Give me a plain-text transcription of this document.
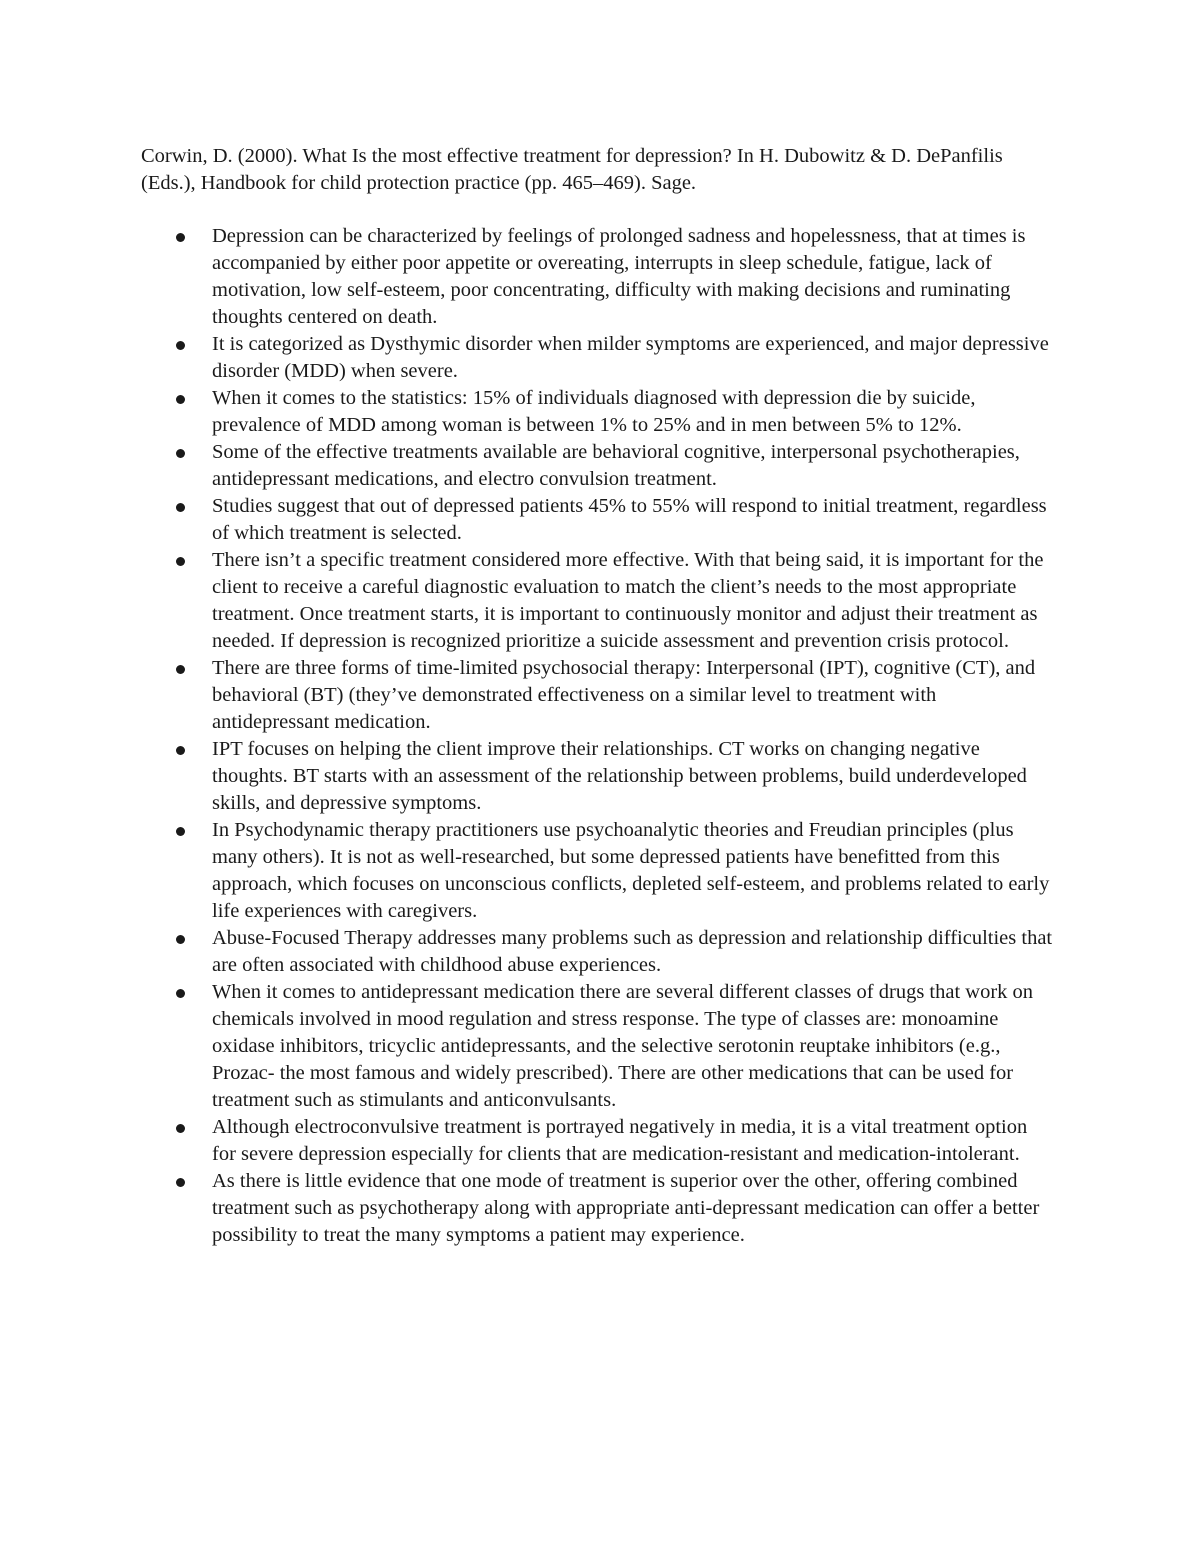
Corwin, D. (2000). What Is the most effective treatment for depression? In H. Dubowitz & D. DePanfilis (Eds.), Handbook for child protection practice (pp. 465–469). Sage.

Depression can be characterized by feelings of prolonged sadness and hopelessness, that at times is accompanied by either poor appetite or overeating, interrupts in sleep schedule, fatigue, lack of motivation, low self-esteem, poor concentrating, difficulty with making decisions and ruminating thoughts centered on death.
It is categorized as Dysthymic disorder when milder symptoms are experienced, and major depressive disorder (MDD) when severe.
When it comes to the statistics: 15% of individuals diagnosed with depression die by suicide, prevalence of MDD among woman is between 1% to 25% and in men between 5% to 12%.
Some of the effective treatments available are behavioral cognitive, interpersonal psychotherapies, antidepressant medications, and electro convulsion treatment.
Studies suggest that out of depressed patients 45% to 55% will respond to initial treatment, regardless of which treatment is selected.
There isn’t a specific treatment considered more effective. With that being said, it is important for the client to receive a careful diagnostic evaluation to match the client’s needs to the most appropriate treatment. Once treatment starts, it is important to continuously monitor and adjust their treatment as needed. If depression is recognized prioritize a suicide assessment and prevention crisis protocol.
There are three forms of time-limited psychosocial therapy: Interpersonal (IPT), cognitive (CT), and behavioral (BT) (they’ve demonstrated effectiveness on a similar level to treatment with antidepressant medication.
IPT focuses on helping the client improve their relationships. CT works on changing negative thoughts. BT starts with an assessment of the relationship between problems, build underdeveloped skills, and depressive symptoms.
In Psychodynamic therapy practitioners use psychoanalytic theories and Freudian principles (plus many others). It is not as well-researched, but some depressed patients have benefitted from this approach, which focuses on unconscious conflicts, depleted self-esteem, and problems related to early life experiences with caregivers.
Abuse-Focused Therapy addresses many problems such as depression and relationship difficulties that are often associated with childhood abuse experiences.
When it comes to antidepressant medication there are several different classes of drugs that work on chemicals involved in mood regulation and stress response. The type of classes are: monoamine oxidase inhibitors, tricyclic antidepressants, and the selective serotonin reuptake inhibitors (e.g., Prozac- the most famous and widely prescribed). There are other medications that can be used for treatment such as stimulants and anticonvulsants.
Although electroconvulsive treatment is portrayed negatively in media, it is a vital treatment option for severe depression especially for clients that are medication-resistant and medication-intolerant.
As there is little evidence that one mode of treatment is superior over the other, offering combined treatment such as psychotherapy along with appropriate anti-depressant medication can offer a better possibility to treat the many symptoms a patient may experience.
